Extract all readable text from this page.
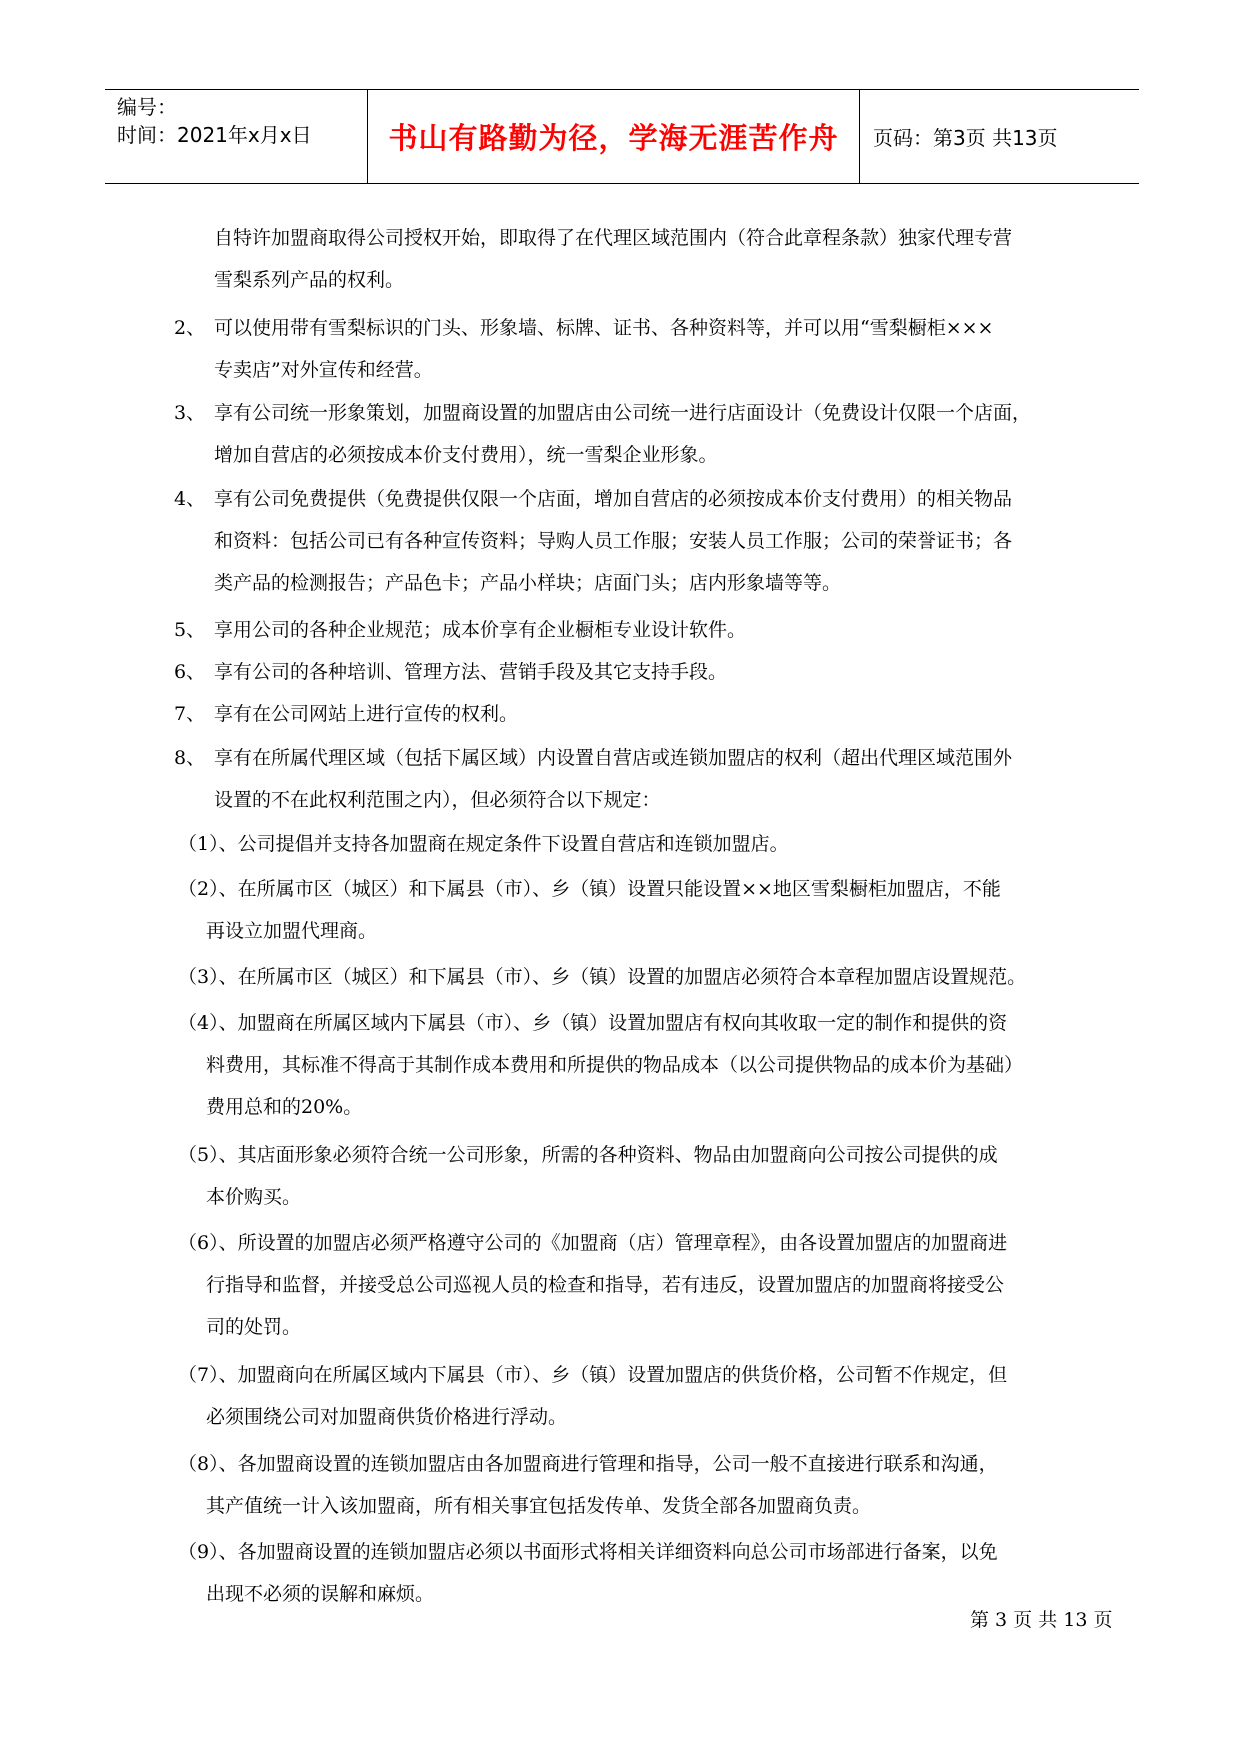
编号：
时间：2021年x月x日	书山有路勤为径，学海无涯苦作舟	页码：第3页 共13页
自特许加盟商取得公司授权开始，即取得了在代理区域范围内（符合此章程条款）独家代理专营
雪梨系列产品的权利。
2、 可以使用带有雪梨标识的门头、形象墙、标牌、证书、各种资料等，并可以用“雪梨橱柜×××
专卖店”对外宣传和经营。
3、 享有公司统一形象策划，加盟商设置的加盟店由公司统一进行店面设计（免费设计仅限一个店面，
增加自营店的必须按成本价支付费用），统一雪梨企业形象。
4、 享有公司免费提供（免费提供仅限一个店面，增加自营店的必须按成本价支付费用）的相关物品
和资料：包括公司已有各种宣传资料；导购人员工作服；安装人员工作服；公司的荣誉证书；各
类产品的检测报告；产品色卡；产品小样块；店面门头；店内形象墙等等。
5、 享用公司的各种企业规范；成本价享有企业橱柜专业设计软件。
6、 享有公司的各种培训、管理方法、营销手段及其它支持手段。
7、 享有在公司网站上进行宣传的权利。
8、 享有在所属代理区域（包括下属区域）内设置自营店或连锁加盟店的权利（超出代理区域范围外
设置的不在此权利范围之内），但必须符合以下规定：
（1）、公司提倡并支持各加盟商在规定条件下设置自营店和连锁加盟店。
（2）、在所属市区（城区）和下属县（市）、乡（镇）设置只能设置××地区雪梨橱柜加盟店，不能
再设立加盟代理商。
（3）、在所属市区（城区）和下属县（市）、乡（镇）设置的加盟店必须符合本章程加盟店设置规范。
（4）、加盟商在所属区域内下属县（市）、乡（镇）设置加盟店有权向其收取一定的制作和提供的资
料费用，其标准不得高于其制作成本费用和所提供的物品成本（以公司提供物品的成本价为基础）
费用总和的20%。
（5）、其店面形象必须符合统一公司形象，所需的各种资料、物品由加盟商向公司按公司提供的成
本价购买。
（6）、所设置的加盟店必须严格遵守公司的《加盟商（店）管理章程》，由各设置加盟店的加盟商进
行指导和监督，并接受总公司巡视人员的检查和指导，若有违反，设置加盟店的加盟商将接受公
司的处罚。
（7）、加盟商向在所属区域内下属县（市）、乡（镇）设置加盟店的供货价格，公司暂不作规定，但
必须围绕公司对加盟商供货价格进行浮动。
（8）、各加盟商设置的连锁加盟店由各加盟商进行管理和指导，公司一般不直接进行联系和沟通，
其产值统一计入该加盟商，所有相关事宜包括发传单、发货全部各加盟商负责。
（9）、各加盟商设置的连锁加盟店必须以书面形式将相关详细资料向总公司市场部进行备案，以免
出现不必须的误解和麻烦。
第 3 页 共 13 页
